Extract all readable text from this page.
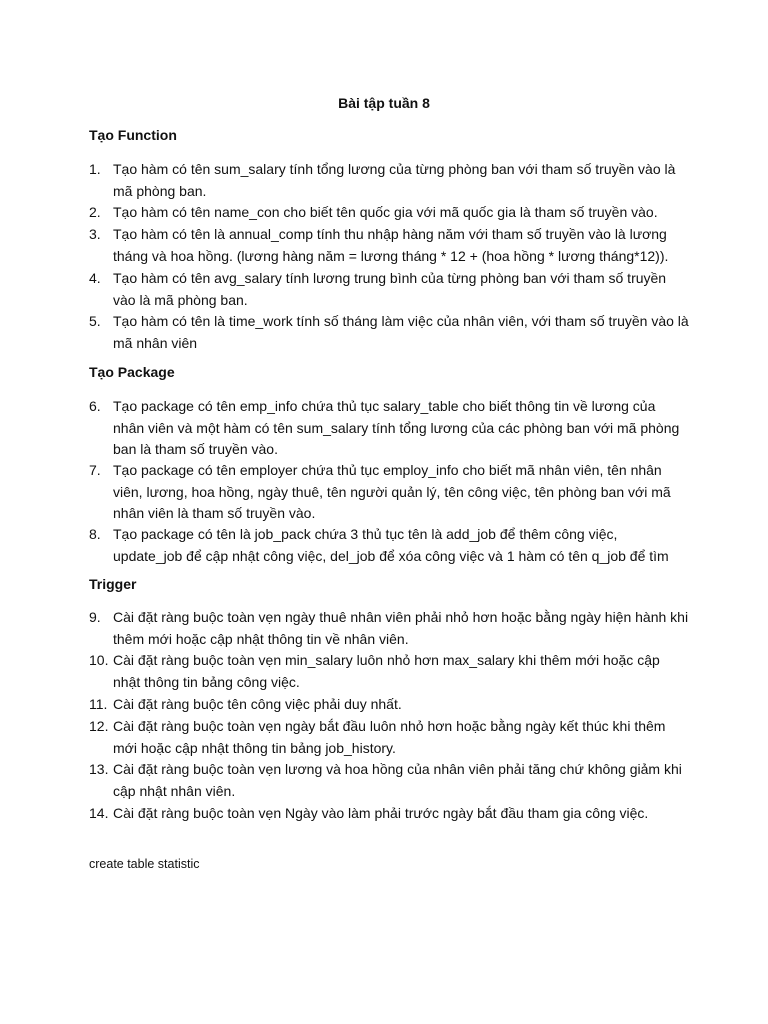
Bài tập tuần 8
Tạo Function
1. Tạo hàm có tên sum_salary tính tổng lương của từng phòng ban với tham số truyền vào là mã phòng ban.
2. Tạo hàm có tên name_con cho biết tên quốc gia với mã quốc gia là tham số truyền vào.
3. Tạo hàm có tên là annual_comp tính thu nhập hàng năm với tham số truyền vào là lương tháng và hoa hồng. (lương hàng năm = lương tháng * 12 + (hoa hồng * lương tháng*12)).
4. Tạo hàm có tên avg_salary tính lương trung bình của từng phòng ban với tham số truyền vào là mã phòng ban.
5. Tạo hàm có tên là time_work tính số tháng làm việc của nhân viên, với tham số truyền vào là mã nhân viên
Tạo Package
6. Tạo package có tên emp_info chứa thủ tục salary_table cho biết thông tin về lương của nhân viên và một hàm có tên sum_salary tính tổng lương của các phòng ban với mã phòng ban là tham số truyền vào.
7. Tạo package có tên employer chứa thủ tục employ_info cho biết mã nhân viên, tên nhân viên, lương, hoa hồng, ngày thuê, tên người quản lý, tên công việc, tên phòng ban với mã nhân viên là tham số truyền vào.
8. Tạo package có tên là job_pack chứa 3 thủ tục tên là add_job để thêm công việc, update_job để cập nhật công việc, del_job để xóa công việc và 1 hàm có tên q_job để tìm
Trigger
9. Cài đặt ràng buộc toàn vẹn ngày thuê nhân viên phải nhỏ hơn hoặc bằng ngày hiện hành khi thêm mới hoặc cập nhật thông tin về nhân viên.
10. Cài đặt ràng buộc toàn vẹn min_salary luôn nhỏ hơn max_salary khi thêm mới hoặc cập nhật thông tin bảng công việc.
11. Cài đặt ràng buộc tên công việc phải duy nhất.
12. Cài đặt ràng buộc toàn vẹn ngày bắt đầu luôn nhỏ hơn hoặc bằng ngày kết thúc khi thêm mới hoặc cập nhật thông tin bảng job_history.
13. Cài đặt ràng buộc toàn vẹn lương và hoa hồng của nhân viên phải tăng chứ không giảm khi cập nhật nhân viên.
14. Cài đặt ràng buộc toàn vẹn Ngày vào làm phải trước ngày bắt đầu tham gia công việc.
create table statistic
